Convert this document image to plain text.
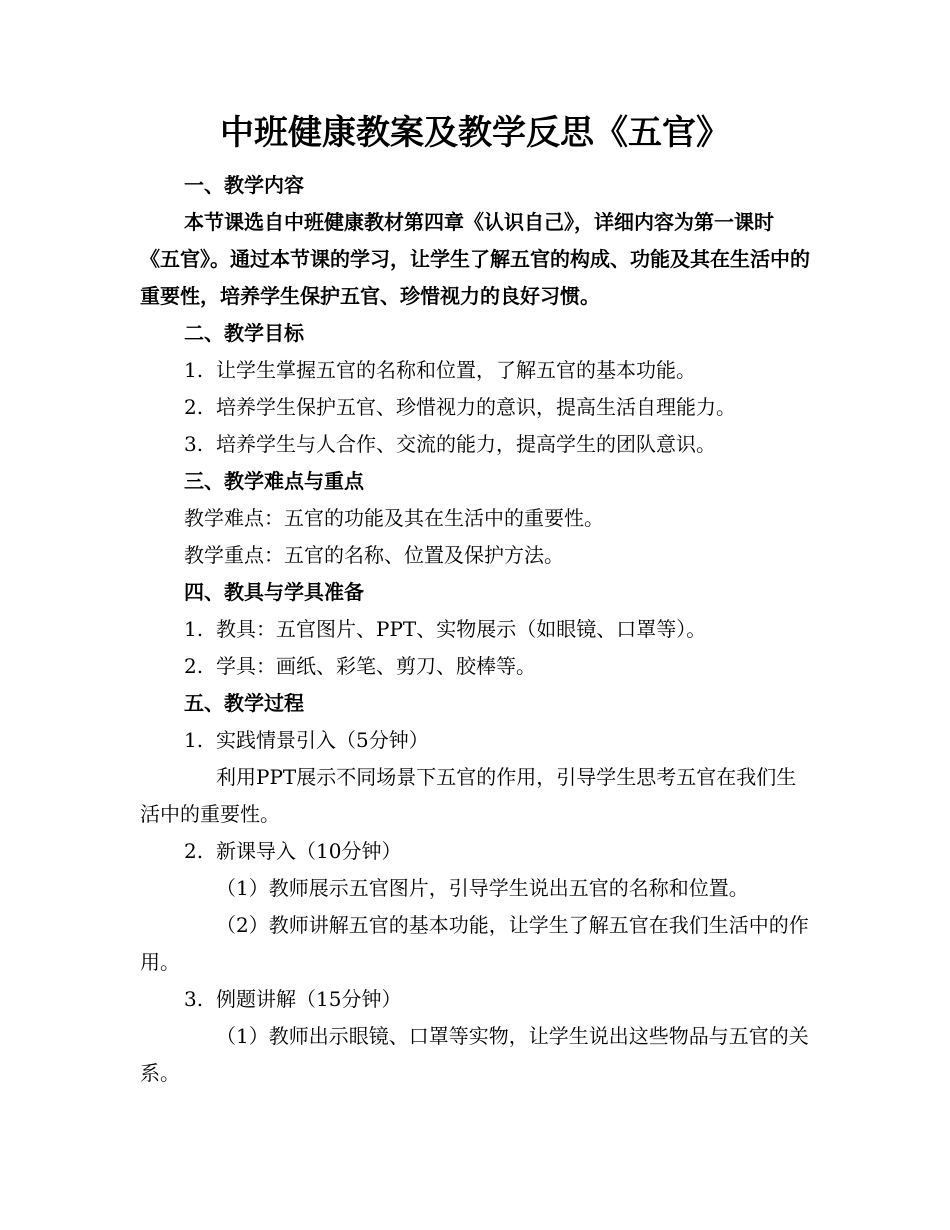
中班健康教案及教学反思《五官》

一、教学内容

本节课选自中班健康教材第四章《认识自己》，详细内容为第一课时《五官》。通过本节课的学习，让学生了解五官的构成、功能及其在生活中的重要性，培养学生保护五官、珍惜视力的良好习惯。

二、教学目标

1. 让学生掌握五官的名称和位置，了解五官的基本功能。

2. 培养学生保护五官、珍惜视力的意识，提高生活自理能力。

3. 培养学生与人合作、交流的能力，提高学生的团队意识。

三、教学难点与重点

教学难点：五官的功能及其在生活中的重要性。

教学重点：五官的名称、位置及保护方法。

四、教具与学具准备

1. 教具：五官图片、PPT、实物展示（如眼镜、口罩等）。

2. 学具：画纸、彩笔、剪刀、胶棒等。

五、教学过程

1. 实践情景引入（5分钟）

利用PPT展示不同场景下五官的作用，引导学生思考五官在我们生活中的重要性。

2. 新课导入（10分钟）

（1）教师展示五官图片，引导学生说出五官的名称和位置。

（2）教师讲解五官的基本功能，让学生了解五官在我们生活中的作用。

3. 例题讲解（15分钟）

（1）教师出示眼镜、口罩等实物，让学生说出这些物品与五官的关系。
